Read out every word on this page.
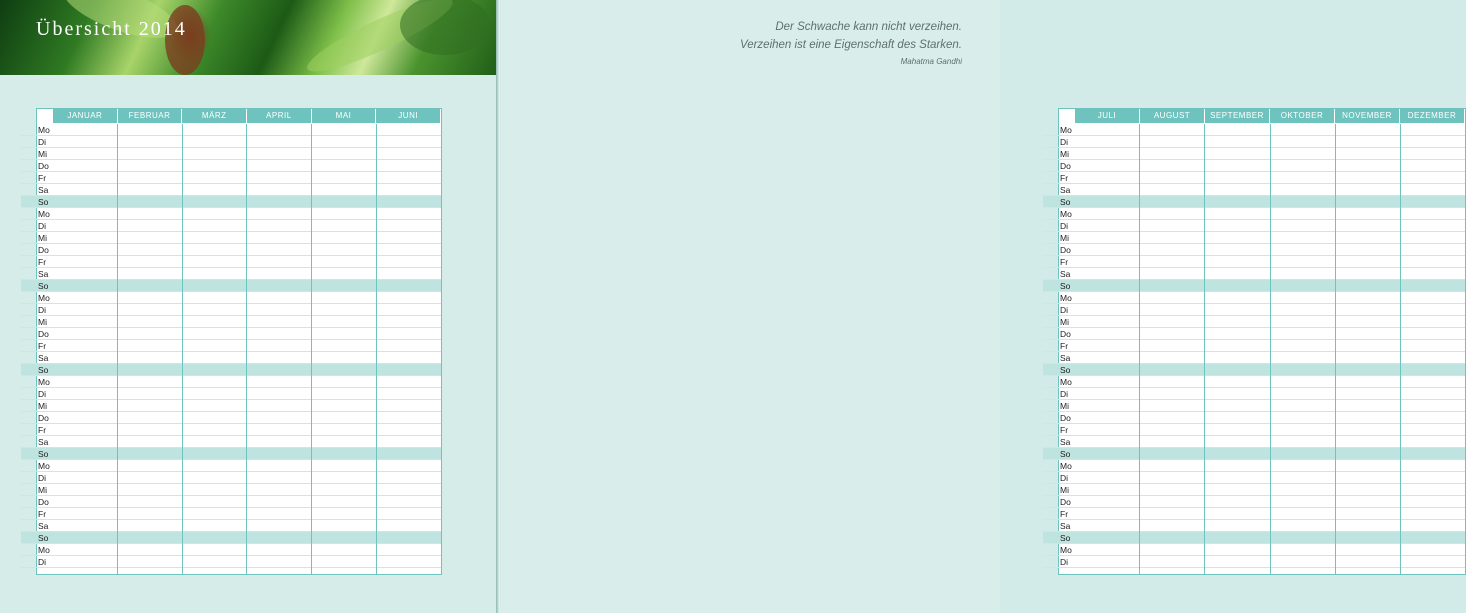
Übersicht 2014
JANUAR	FEBRUAR	MÄRZ	APRIL	MAI	JUNI
Mo
Di
Mi
Do
Fr
Sa
So
Mo
Di
Mi
Do
Fr
Sa
So
Mo
Di
Mi
Do
Fr
Sa
So
Mo
Di
Mi
Do
Fr
Sa
So
Mo
Di
Mi
Do
Fr
Sa
So
Mo
Di
Der Schwache kann nicht verzeihen.
Verzeihen ist eine Eigenschaft des Starken.
Mahatma Gandhi
JULI	AUGUST	SEPTEMBER	OKTOBER	NOVEMBER	DEZEMBER
Mo
Di
Mi
Do
Fr
Sa
So
Mo
Di
Mi
Do
Fr
Sa
So
Mo
Di
Mi
Do
Fr
Sa
So
Mo
Di
Mi
Do
Fr
Sa
So
Mo
Di
Mi
Do
Fr
Sa
So
Mo
Di
